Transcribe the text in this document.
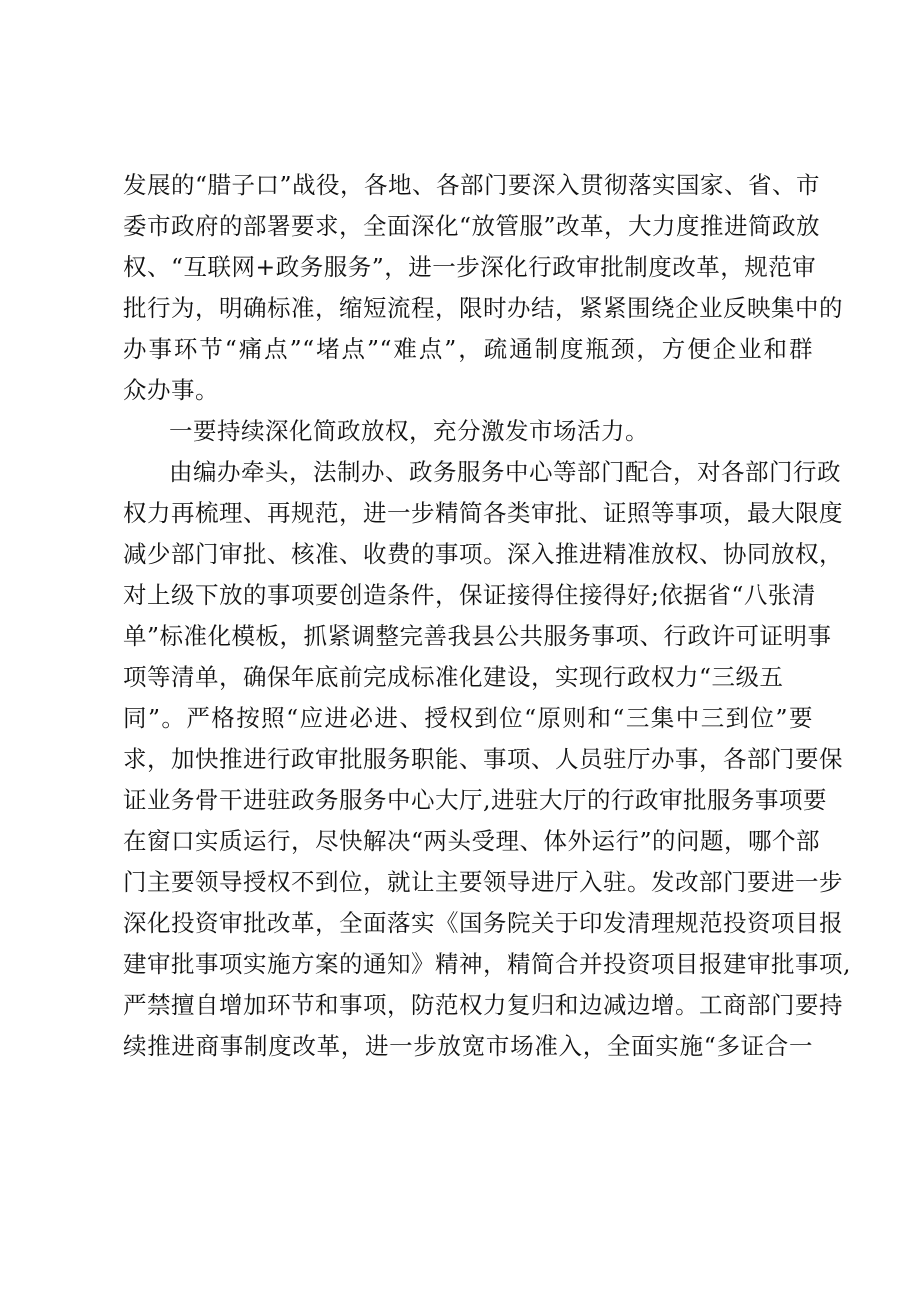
发展的“腊子口”战役，各地、各部门要深入贯彻落实国家、省、市
委市政府的部署要求，全面深化“放管服”改革，大力度推进简政放
权、“互联网+政务服务”，进一步深化行政审批制度改革，规范审
批行为，明确标准，缩短流程，限时办结，紧紧围绕企业反映集中的
办事环节“痛点”“堵点”“难点”，疏通制度瓶颈，方便企业和群
众办事。
一要持续深化简政放权，充分激发市场活力。
由编办牵头，法制办、政务服务中心等部门配合，对各部门行政
权力再梳理、再规范，进一步精简各类审批、证照等事项，最大限度
减少部门审批、核准、收费的事项。深入推进精准放权、协同放权，
对上级下放的事项要创造条件，保证接得住接得好;依据省“八张清
单”标准化模板，抓紧调整完善我县公共服务事项、行政许可证明事
项等清单，确保年底前完成标准化建设，实现行政权力“三级五
同”。严格按照“应进必进、授权到位“原则和“三集中三到位”要
求，加快推进行政审批服务职能、事项、人员驻厅办事，各部门要保
证业务骨干进驻政务服务中心大厅,进驻大厅的行政审批服务事项要
在窗口实质运行，尽快解决“两头受理、体外运行”的问题，哪个部
门主要领导授权不到位，就让主要领导进厅入驻。发改部门要进一步
深化投资审批改革，全面落实《国务院关于印发清理规范投资项目报
建审批事项实施方案的通知》精神，精简合并投资项目报建审批事项,
严禁擅自增加环节和事项，防范权力复归和边减边增。工商部门要持
续推进商事制度改革，进一步放宽市场准入，全面实施“多证合一
